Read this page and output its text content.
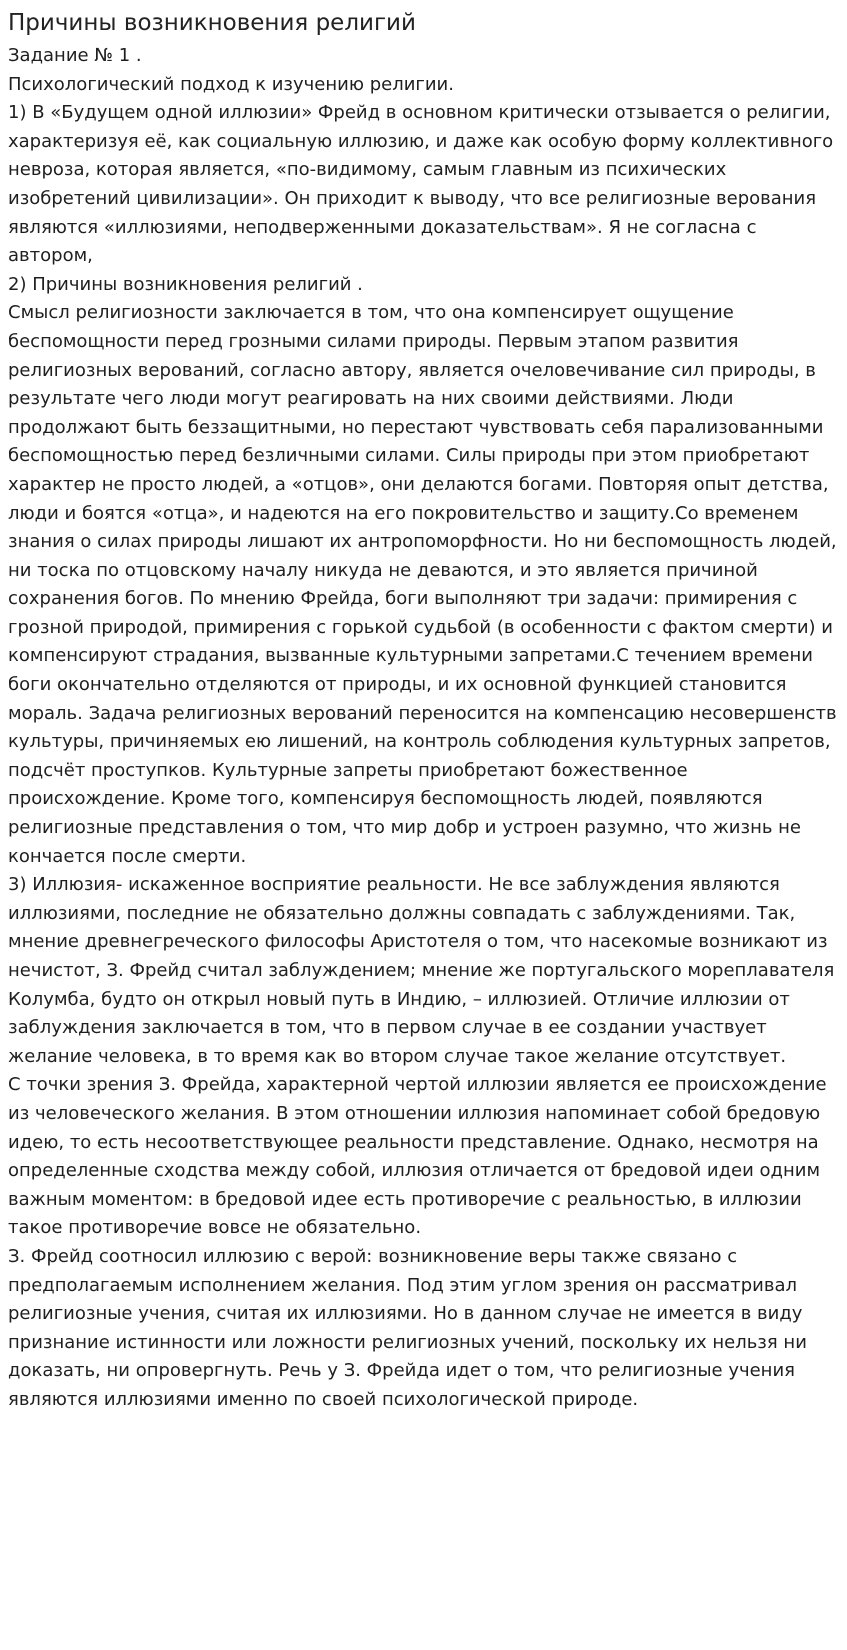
Причины возникновения религий

Задание № 1 .

Психологический подход к изучению религии.

1) В «Будущем одной иллюзии» Фрейд в основном критически отзывается о религии, характеризуя её, как социальную иллюзию, и даже как особую форму коллективного невроза, которая является, «по-видимому, самым главным из психических изобретений цивилизации». Он приходит к выводу, что все религиозные верования являются «иллюзиями, неподверженными доказательствам». Я не согласна с автором,

2) Причины возникновения религий .

Смысл религиозности заключается в том, что она компенсирует ощущение беспомощности перед грозными силами природы. Первым этапом развития религиозных верований, согласно автору, является очеловечивание сил природы, в результате чего люди могут реагировать на них своими действиями. Люди продолжают быть беззащитными, но перестают чувствовать себя парализованными беспомощностью перед безличными силами. Силы природы при этом приобретают характер не просто людей, а «отцов», они делаются богами. Повторяя опыт детства, люди и боятся «отца», и надеются на его покровительство и защиту.Со временем знания о силах природы лишают их антропоморфности. Но ни беспомощность людей, ни тоска по отцовскому началу никуда не деваются, и это является причиной сохранения богов. По мнению Фрейда, боги выполняют три задачи: примирения с грозной природой, примирения с горькой судьбой (в особенности с фактом смерти) и компенсируют страдания, вызванные культурными запретами.С течением времени боги окончательно отделяются от природы, и их основной функцией становится мораль. Задача религиозных верований переносится на компенсацию несовершенств культуры, причиняемых ею лишений, на контроль соблюдения культурных запретов, подсчёт проступков. Культурные запреты приобретают божественное происхождение. Кроме того, компенсируя беспомощность людей, появляются религиозные представления о том, что мир добр и устроен разумно, что жизнь не кончается после смерти.

3) Иллюзия- искаженное восприятие реальности. Не все заблуждения являются иллюзиями, последние не обязательно должны совпадать с заблуждениями. Так, мнение древнегреческого философы Аристотеля о том, что насекомые возникают из нечистот, З. Фрейд считал заблуждением; мнение же португальского мореплавателя Колумба, будто он открыл новый путь в Индию, – иллюзией. Отличие иллюзии от заблуждения заключается в том, что в первом случае в ее создании участвует желание человека, в то время как во втором случае такое желание отсутствует.

С точки зрения З. Фрейда, характерной чертой иллюзии является ее происхождение из человеческого желания. В этом отношении иллюзия напоминает собой бредовую идею, то есть несоответствующее реальности представление. Однако, несмотря на определенные сходства между собой, иллюзия отличается от бредовой идеи одним важным моментом: в бредовой идее есть противоречие с реальностью, в иллюзии такое противоречие вовсе не обязательно.

З. Фрейд соотносил иллюзию с верой: возникновение веры также связано с предполагаемым исполнением желания. Под этим углом зрения он рассматривал религиозные учения, считая их иллюзиями. Но в данном случае не имеется в виду признание истинности или ложности религиозных учений, поскольку их нельзя ни доказать, ни опровергнуть. Речь у З. Фрейда идет о том, что религиозные учения являются иллюзиями именно по своей психологической природе.
